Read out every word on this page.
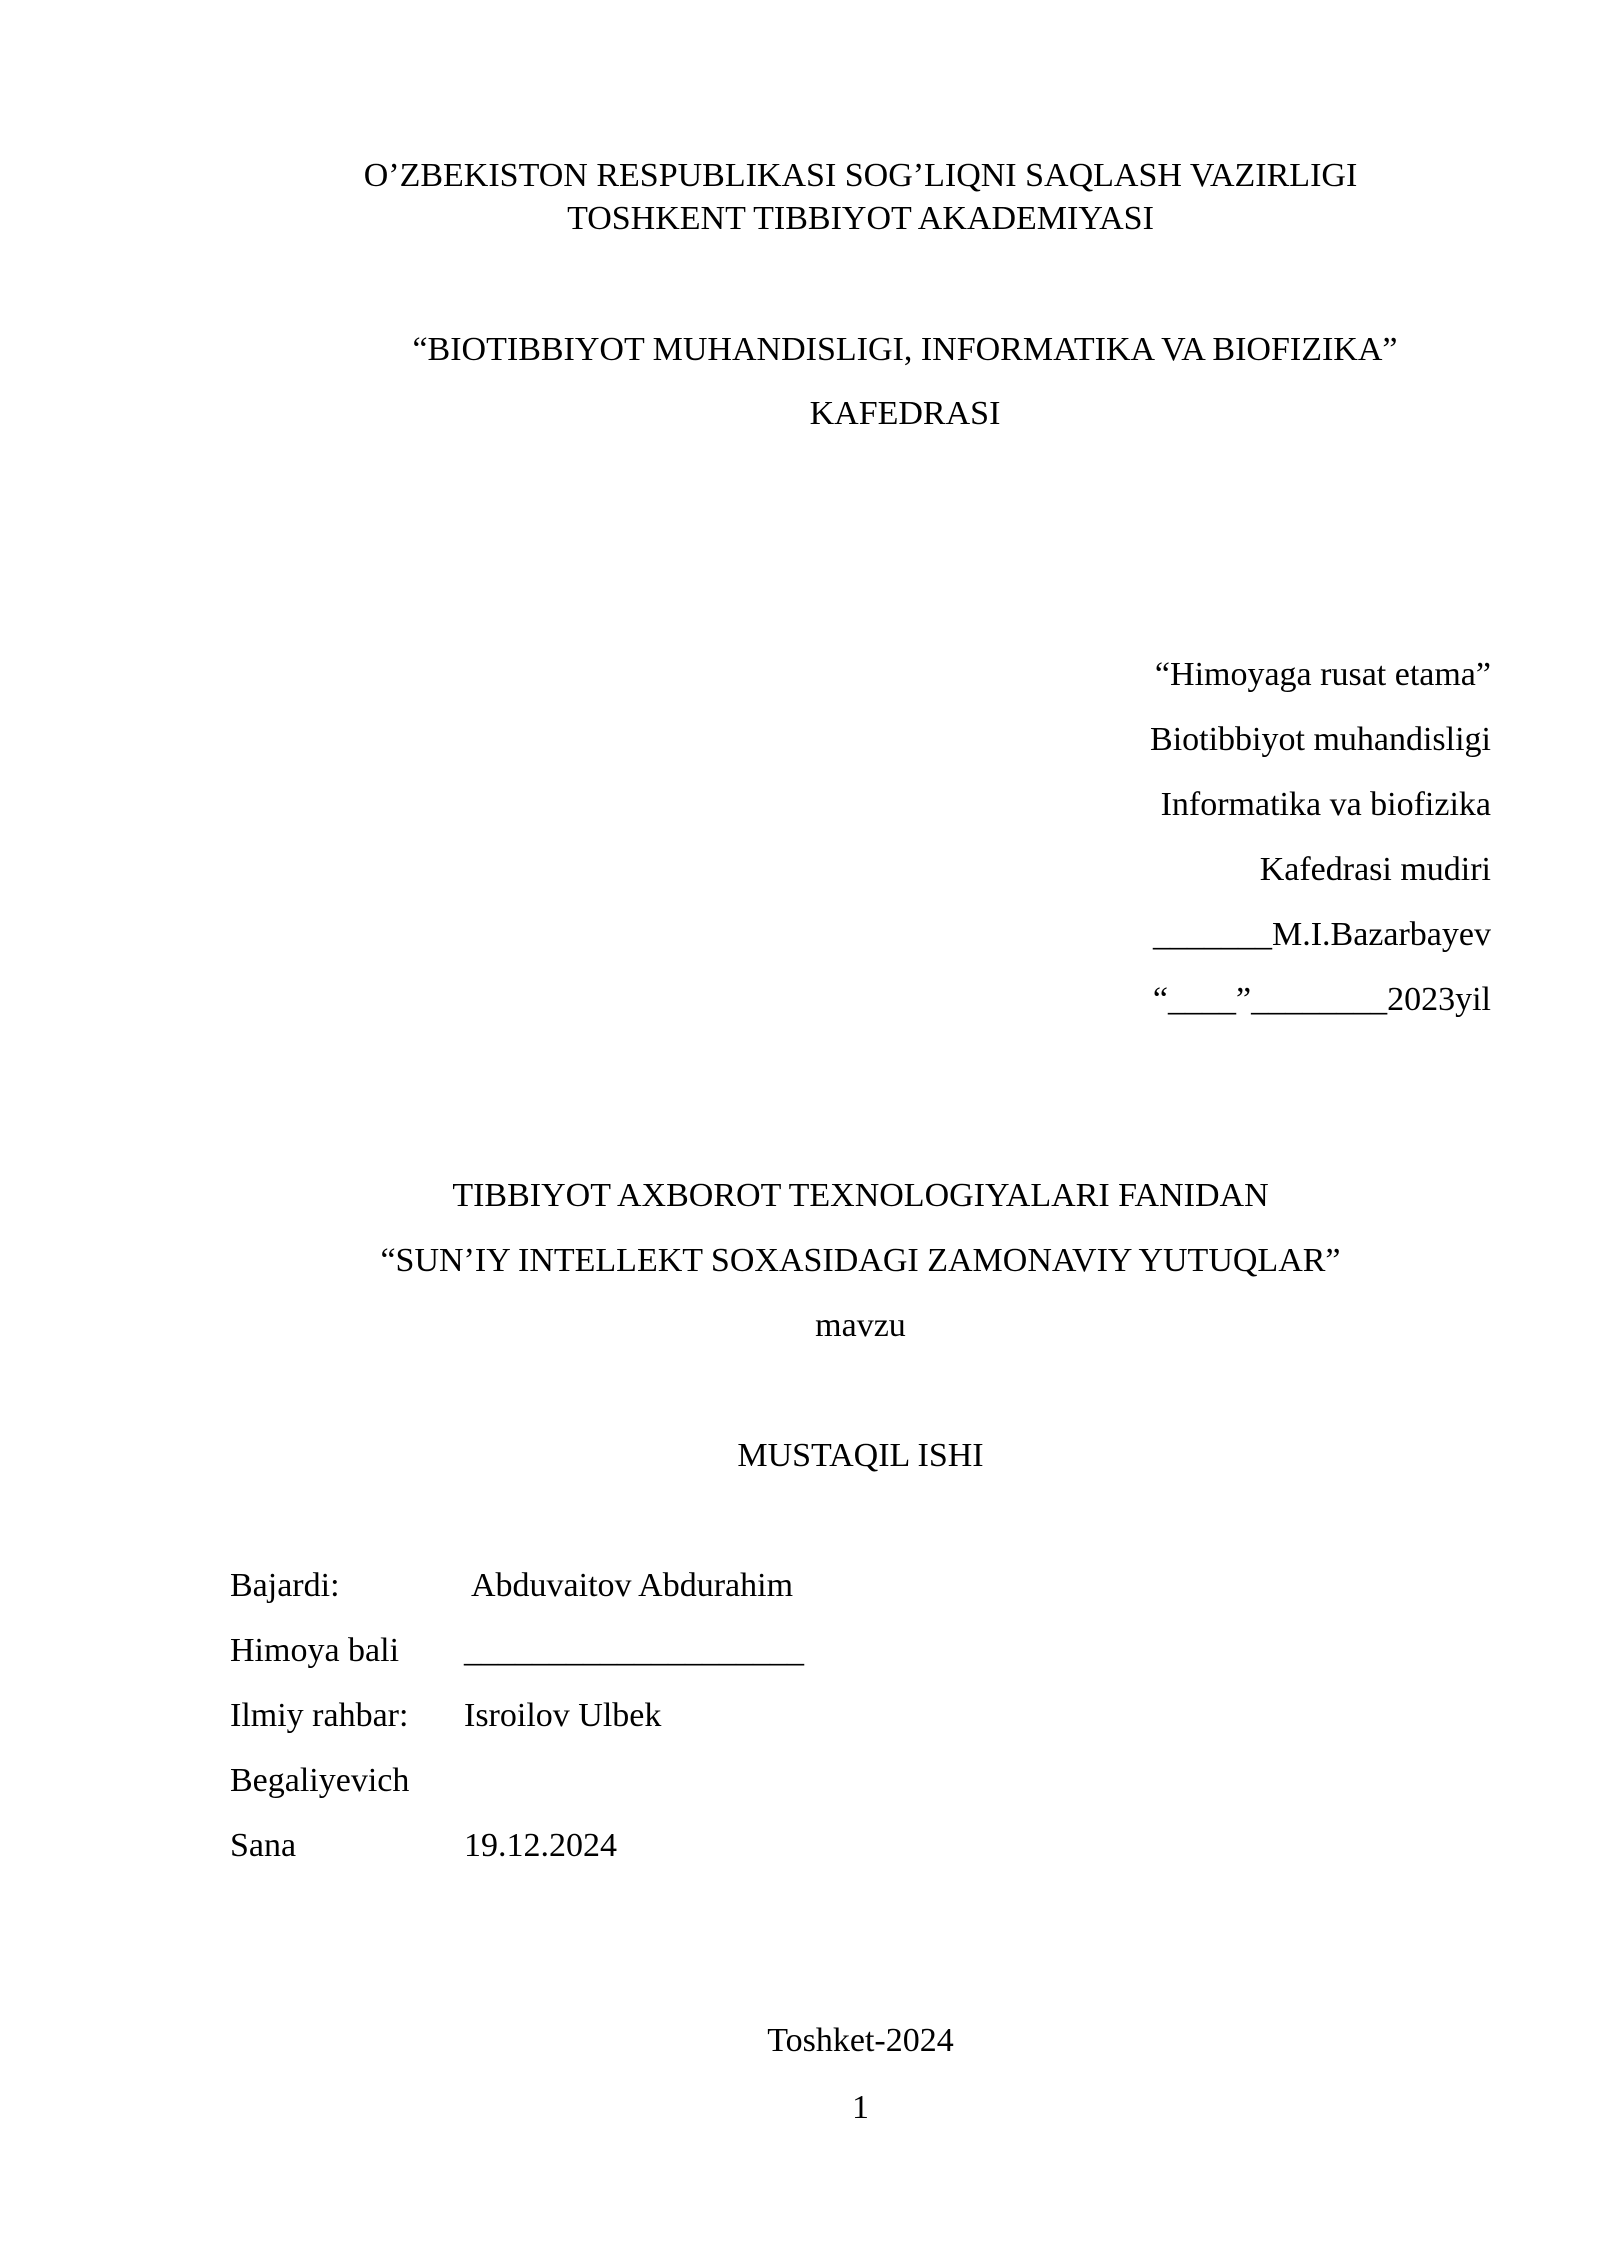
O’ZBEKISTON RESPUBLIKASI SOG’LIQNI SAQLASH VAZIRLIGI
TOSHKENT TIBBIYOT AKADEMIYASI
“BIOTIBBIYOT MUHANDISLIGI, INFORMATIKA VA BIOFIZIKA”
KAFEDRASI
“Himoyaga rusat etama”
Biotibbiyot muhandisligi
Informatika va biofizika
Kafedrasi mudiri
_______M.I.Bazarbayev
“____”________2023yil
TIBBIYOT AXBOROT TEXNOLOGIYALARI FANIDAN
“SUN’IY INTELLEKT SOXASIDAGI ZAMONAVIY YUTUQLAR”
mavzu
MUSTAQIL ISHI
Bajardi:	Abduvaitov Abdurahim
Himoya bali ____________________
Ilmiy rahbar: Isroilov Ulbek
Begaliyevich
Sana	19.12.2024
Toshket-2024
1
